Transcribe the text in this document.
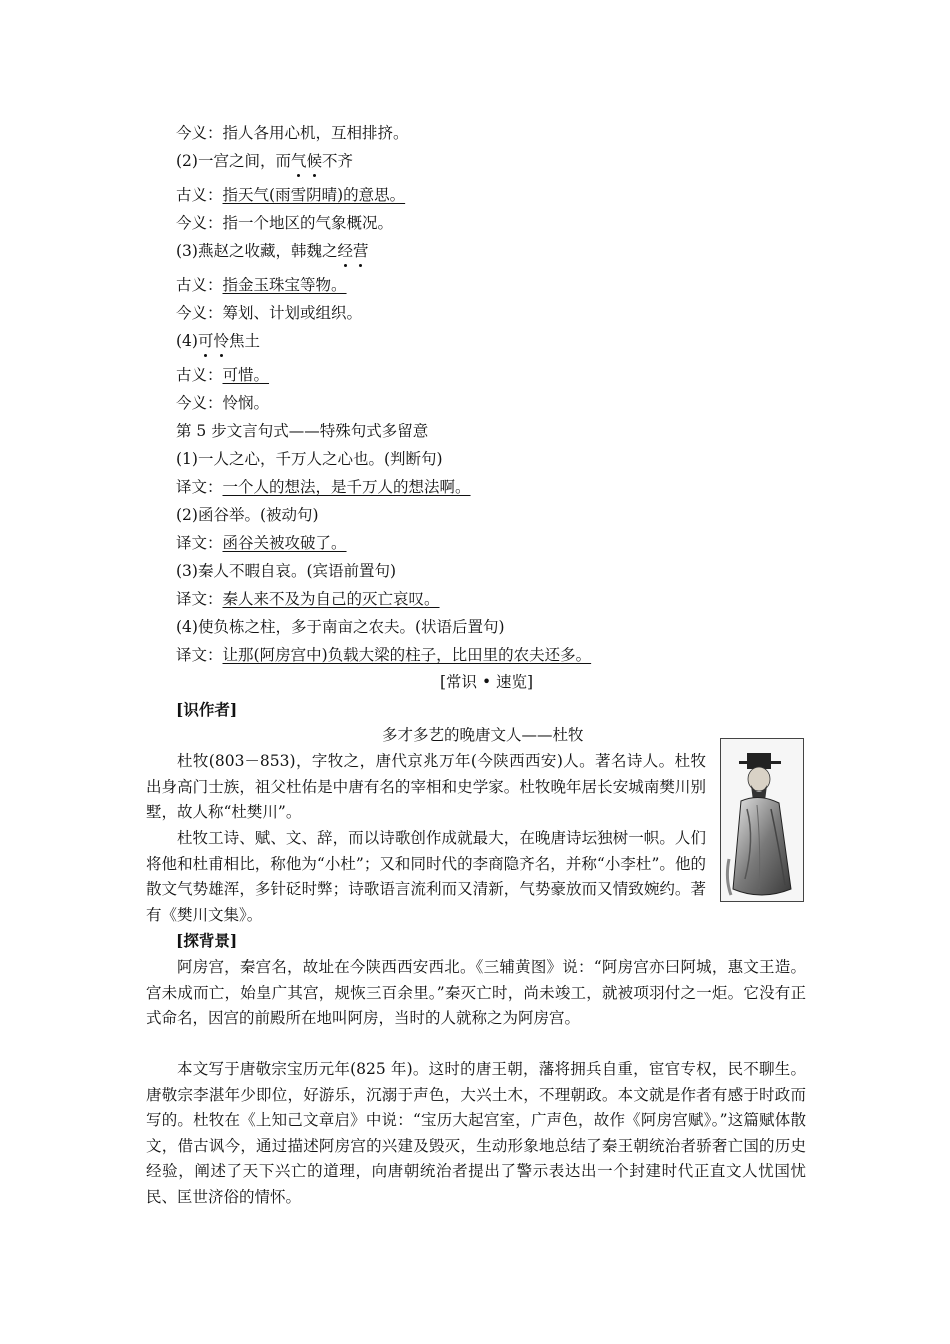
今义：指人各用心机，互相排挤。
(2)一宫之间，而气候不齐
古义：指天气(雨雪阴晴)的意思。
今义：指一个地区的气象概况。
(3)燕赵之收藏，韩魏之经营
古义：指金玉珠宝等物。
今义：筹划、计划或组织。
(4)可怜焦土
古义：可惜。
今义：怜悯。
第 5 步文言句式——特殊句式多留意
(1)一人之心，千万人之心也。(判断句)
译文：一个人的想法，是千万人的想法啊。
(2)函谷举。(被动句)
译文：函谷关被攻破了。
(3)秦人不暇自哀。(宾语前置句)
译文：秦人来不及为自己的灭亡哀叹。
(4)使负栋之柱，多于南亩之农夫。(状语后置句)
译文：让那(阿房宫中)负载大梁的柱子，比田里的农夫还多。
[常识 • 速览]
[识作者]
多才多艺的晚唐文人——杜牧
杜牧(803－853)，字牧之，唐代京兆万年(今陕西西安)人。著名诗人。杜牧出身高门士族，祖父杜佑是中唐有名的宰相和史学家。杜牧晚年居长安城南樊川别墅，故人称“杜樊川”。
杜牧工诗、赋、文、辞，而以诗歌创作成就最大，在晚唐诗坛独树一帜。人们将他和杜甫相比，称他为“小杜”；又和同时代的李商隐齐名，并称“小李杜”。他的散文气势雄浑，多针砭时弊；诗歌语言流利而又清新，气势豪放而又情致婉约。著有《樊川文集》。
[探背景]
阿房宫，秦宫名，故址在今陕西西安西北。《三辅黄图》说：“阿房宫亦曰阿城，惠文王造。宫未成而亡，始皇广其宫，规恢三百余里。”秦灭亡时，尚未竣工，就被项羽付之一炬。它没有正式命名，因宫的前殿所在地叫阿房，当时的人就称之为阿房宫。
本文写于唐敬宗宝历元年(825 年)。这时的唐王朝，藩将拥兵自重，宦官专权，民不聊生。唐敬宗李湛年少即位，好游乐，沉溺于声色，大兴土木，不理朝政。本文就是作者有感于时政而写的。杜牧在《上知己文章启》中说：“宝历大起宫室，广声色，故作《阿房宫赋》。”这篇赋体散文，借古讽今，通过描述阿房宫的兴建及毁灭，生动形象地总结了秦王朝统治者骄奢亡国的历史经验，阐述了天下兴亡的道理，向唐朝统治者提出了警示表达出一个封建时代正直文人忧国忧民、匡世济俗的情怀。
